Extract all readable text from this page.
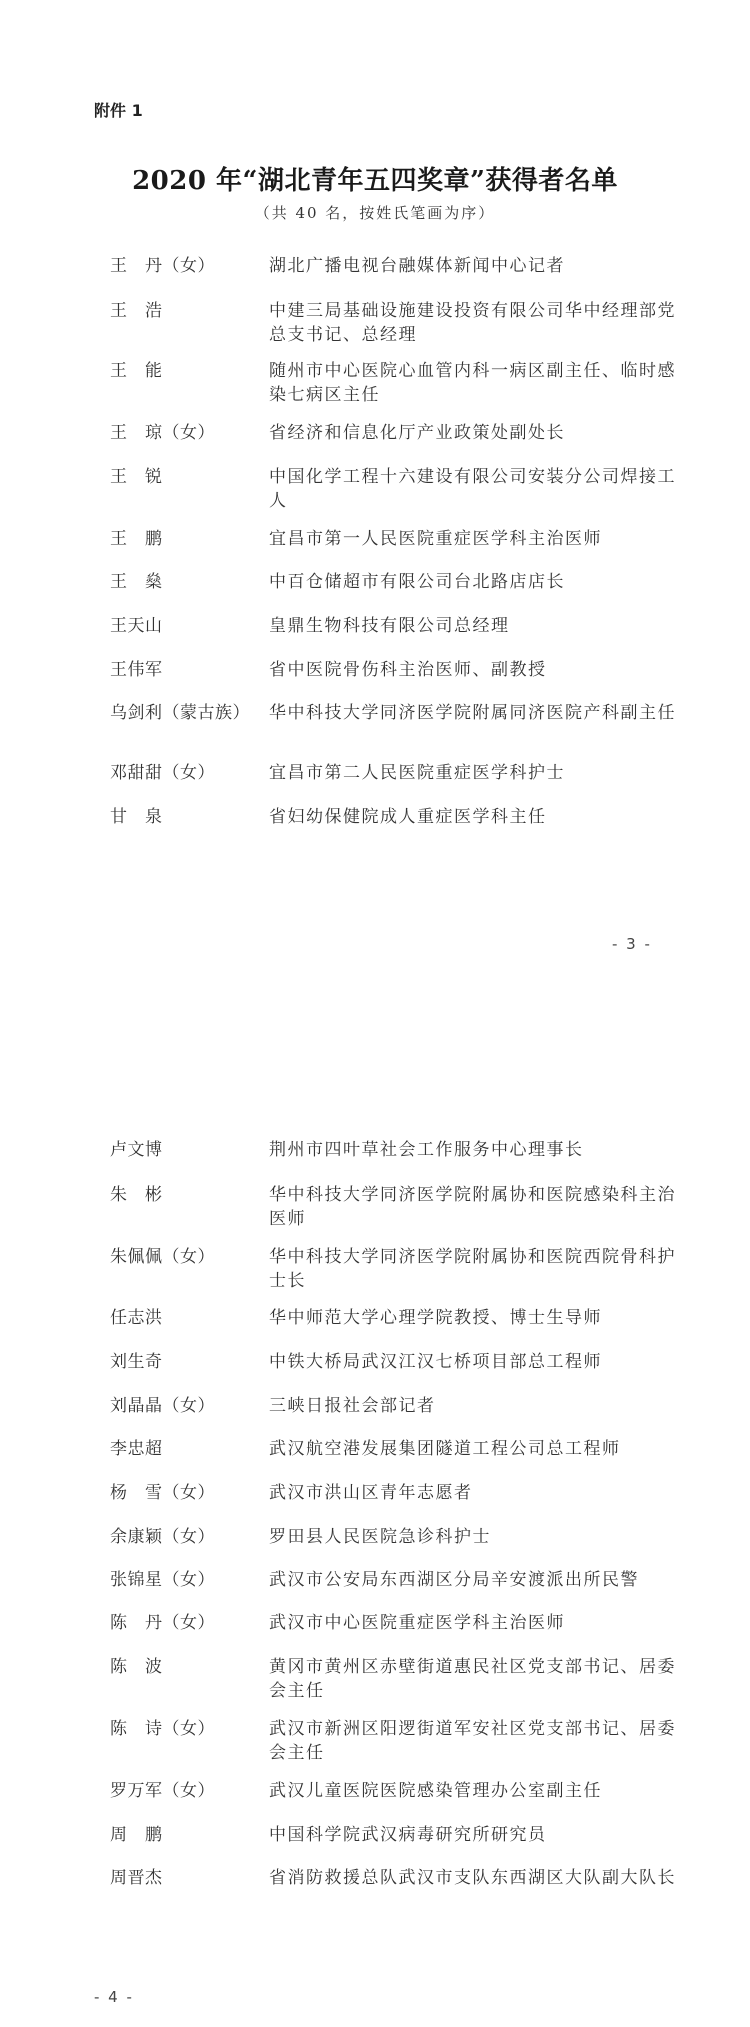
附件 1
2020 年“湖北青年五四奖章”获得者名单
（共 40 名，按姓氏笔画为序）
王　丹（女）	湖北广播电视台融媒体新闻中心记者
王　浩	中建三局基础设施建设投资有限公司华中经理部党总支书记、总经理
王　能	随州市中心医院心血管内科一病区副主任、临时感染七病区主任
王　琼（女）	省经济和信息化厅产业政策处副处长
王　锐	中国化学工程十六建设有限公司安装分公司焊接工人
王　鹏	宜昌市第一人民医院重症医学科主治医师
王　燊	中百仓储超市有限公司台北路店店长
王天山	皇鼎生物科技有限公司总经理
王伟军	省中医院骨伤科主治医师、副教授
乌剑利（蒙古族）	华中科技大学同济医学院附属同济医院产科副主任
邓甜甜（女）	宜昌市第二人民医院重症医学科护士
甘　泉	省妇幼保健院成人重症医学科主任
- 3 -
卢文博	荆州市四叶草社会工作服务中心理事长
朱　彬	华中科技大学同济医学院附属协和医院感染科主治医师
朱佩佩（女）	华中科技大学同济医学院附属协和医院西院骨科护士长
任志洪	华中师范大学心理学院教授、博士生导师
刘生奇	中铁大桥局武汉江汉七桥项目部总工程师
刘晶晶（女）	三峡日报社会部记者
李忠超	武汉航空港发展集团隧道工程公司总工程师
杨　雪（女）	武汉市洪山区青年志愿者
余康颖（女）	罗田县人民医院急诊科护士
张锦星（女）	武汉市公安局东西湖区分局辛安渡派出所民警
陈　丹（女）	武汉市中心医院重症医学科主治医师
陈　波	黄冈市黄州区赤壁街道惠民社区党支部书记、居委会主任
陈　诗（女）	武汉市新洲区阳逻街道军安社区党支部书记、居委会主任
罗万军（女）	武汉儿童医院医院感染管理办公室副主任
周　鹏	中国科学院武汉病毒研究所研究员
周晋杰	省消防救援总队武汉市支队东西湖区大队副大队长
- 4 -
